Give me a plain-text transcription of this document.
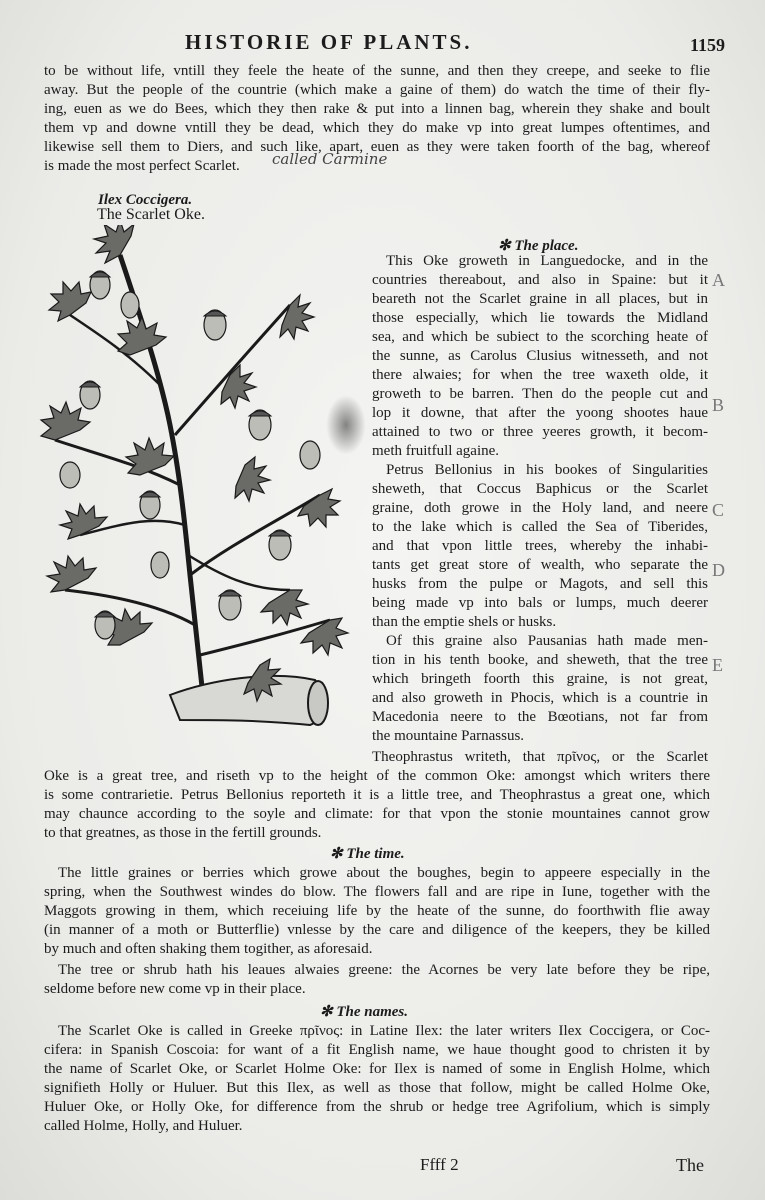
HISTORIE OF PLANTS.	1159
to be without life, vntill they feele the heate of the sunne, and then they creepe, and seeke to flie
away. But the people of the countrie (which make a gaine of them) do watch the time of their fly-
ing, euen as we do Bees, which they then rake & put into a linnen bag, wherein they shake and boult
them vp and downe vntill they be dead, which they do make vp into great lumpes oftentimes, and
likewise sell them to Diers, and such like, apart, euen as they were taken foorth of the bag, whereof
is made the most perfect Scarlet. called Carmine
Ilex Coccigera.
The Scarlet Oke.
✻ The place.
This Oke groweth in Languedocke, and in the
countries thereabout, and also in Spaine: but it
beareth not the Scarlet graine in all places, but in
those especially, which lie towards the Midland
sea, and which be subiect to the scorching heate of
the sunne, as Carolus Clusius witnesseth, and not
there alwaies; for when the tree waxeth olde, it
groweth to be barren. Then do the people cut and
lop it downe, that after the yoong shootes haue
attained to two or three yeeres growth, it becom-
meth fruitfull againe.
Petrus Bellonius in his bookes of Singularities
sheweth, that Coccus Baphicus or the Scarlet
graine, doth growe in the Holy land, and neere
to the lake which is called the Sea of Tiberides,
and that vpon little trees, whereby the inhabi-
tants get great store of wealth, who separate the
husks from the pulpe or Magots, and sell this
being made vp into bals or lumps, much deerer
than the emptie shels or husks.
Of this graine also Pausanias hath made men-
tion in his tenth booke, and sheweth, that the tree
which bringeth foorth this graine, is not great,
and also groweth in Phocis, which is a countrie in
Macedonia neere to the Bœotians, not far from
the mountaine Parnassus.
Theophrastus writeth, that πρῖνος, or the Scarlet
Oke is a great tree, and riseth vp to the height of the common Oke: amongst which writers there
is some contrarietie. Petrus Bellonius reporteth it is a little tree, and Theophrastus a great one, which
may chaunce according to the soyle and climate: for that vpon the stonie mountaines cannot grow
to that greatnes, as those in the fertill grounds.
✻ The time.
The little graines or berries which growe about the boughes, begin to appeere especially in the
spring, when the Southwest windes do blow. The flowers fall and are ripe in Iune, together with the
Maggots growing in them, which receiuing life by the heate of the sunne, do foorthwith flie away
(in manner of a moth or Butterflie) vnlesse by the care and diligence of the keepers, they be killed
by much and often shaking them togither, as aforesaid.
The tree or shrub hath his leaues alwaies greene: the Acornes be very late before they be ripe,
seldome before new come vp in their place.
✻ The names.
The Scarlet Oke is called in Greeke πρῖνος: in Latine Ilex: the later writers Ilex Coccigera, or Coc-
cifera: in Spanish Coscoia: for want of a fit English name, we haue thought good to christen it by
the name of Scarlet Oke, or Scarlet Holme Oke: for Ilex is named of some in English Holme, which
signifieth Holly or Huluer. But this Ilex, as well as those that follow, might be called Holme Oke,
Huluer Oke, or Holly Oke, for difference from the shrub or hedge tree Agrifolium, which is simply
called Holme, Holly, and Huluer.
A
B
C
D
E
Ffff 2	The
